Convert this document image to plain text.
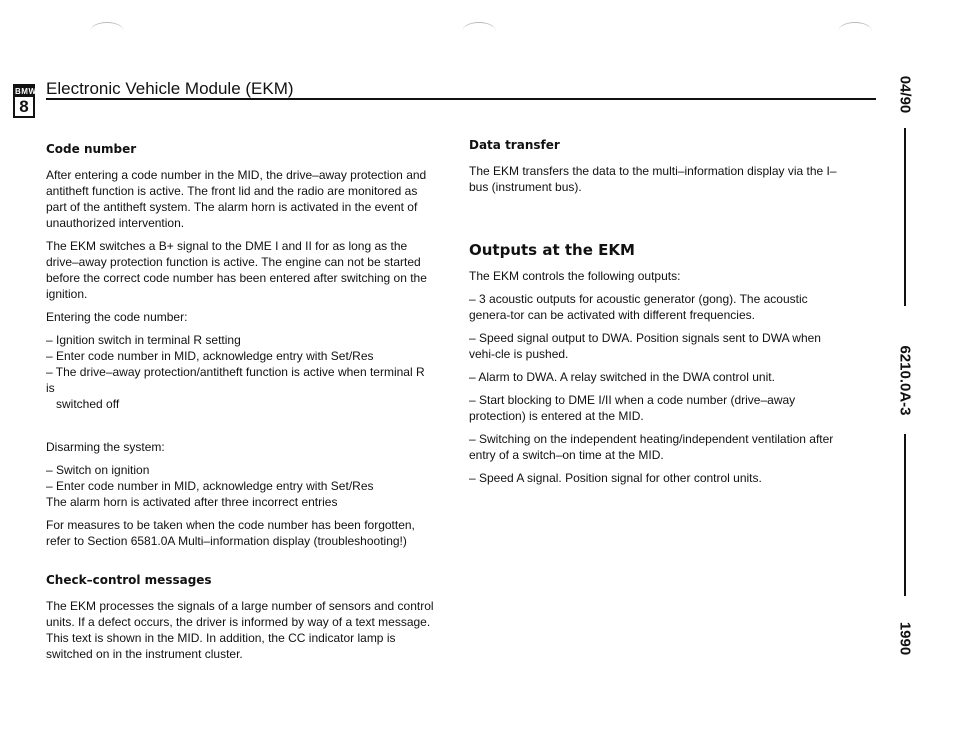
BMW
8
Electronic Vehicle Module (EKM)	04/90
6210.0A-3
1990
Code number

After entering a code number in the MID, the drive–away protection and antitheft function is active. The front lid and the radio are monitored as part of the antitheft system. The alarm horn is activated in the event of unauthorized intervention.

The EKM switches a B+ signal to the DME I and II for as long as the drive–away protection function is active. The engine can not be started before the correct code number has been entered after switching on the ignition.

Entering the code number:

– Ignition switch in terminal R setting
– Enter code number in MID, acknowledge entry with Set/Res
– The drive–away protection/antitheft function is active when terminal R is
switched off

Disarming the system:

– Switch on ignition
– Enter code number in MID, acknowledge entry with Set/Res

The alarm horn is activated after three incorrect entries

For measures to be taken when the code number has been forgotten, refer to Section 6581.0A Multi–information display (troubleshooting!)

Check–control messages

The EKM processes the signals of a large number of sensors and control units. If a defect occurs, the driver is informed by way of a text message. This text is shown in the MID. In addition, the CC indicator lamp is switched on in the instrument cluster.

Data transfer

The EKM transfers the data to the multi–information display via the I–bus (instrument bus).

Outputs at the EKM

The EKM controls the following outputs:

– 3 acoustic outputs for acoustic generator (gong). The acoustic genera-tor can be activated with different frequencies.

– Speed signal output to DWA. Position signals sent to DWA when vehi-cle is pushed.

– Alarm to DWA. A relay switched in the DWA control unit.

– Start blocking to DME I/II when a code number (drive–away protection) is entered at the MID.

– Switching on the independent heating/independent ventilation after entry of a switch–on time at the MID.

– Speed A signal. Position signal for other control units.
